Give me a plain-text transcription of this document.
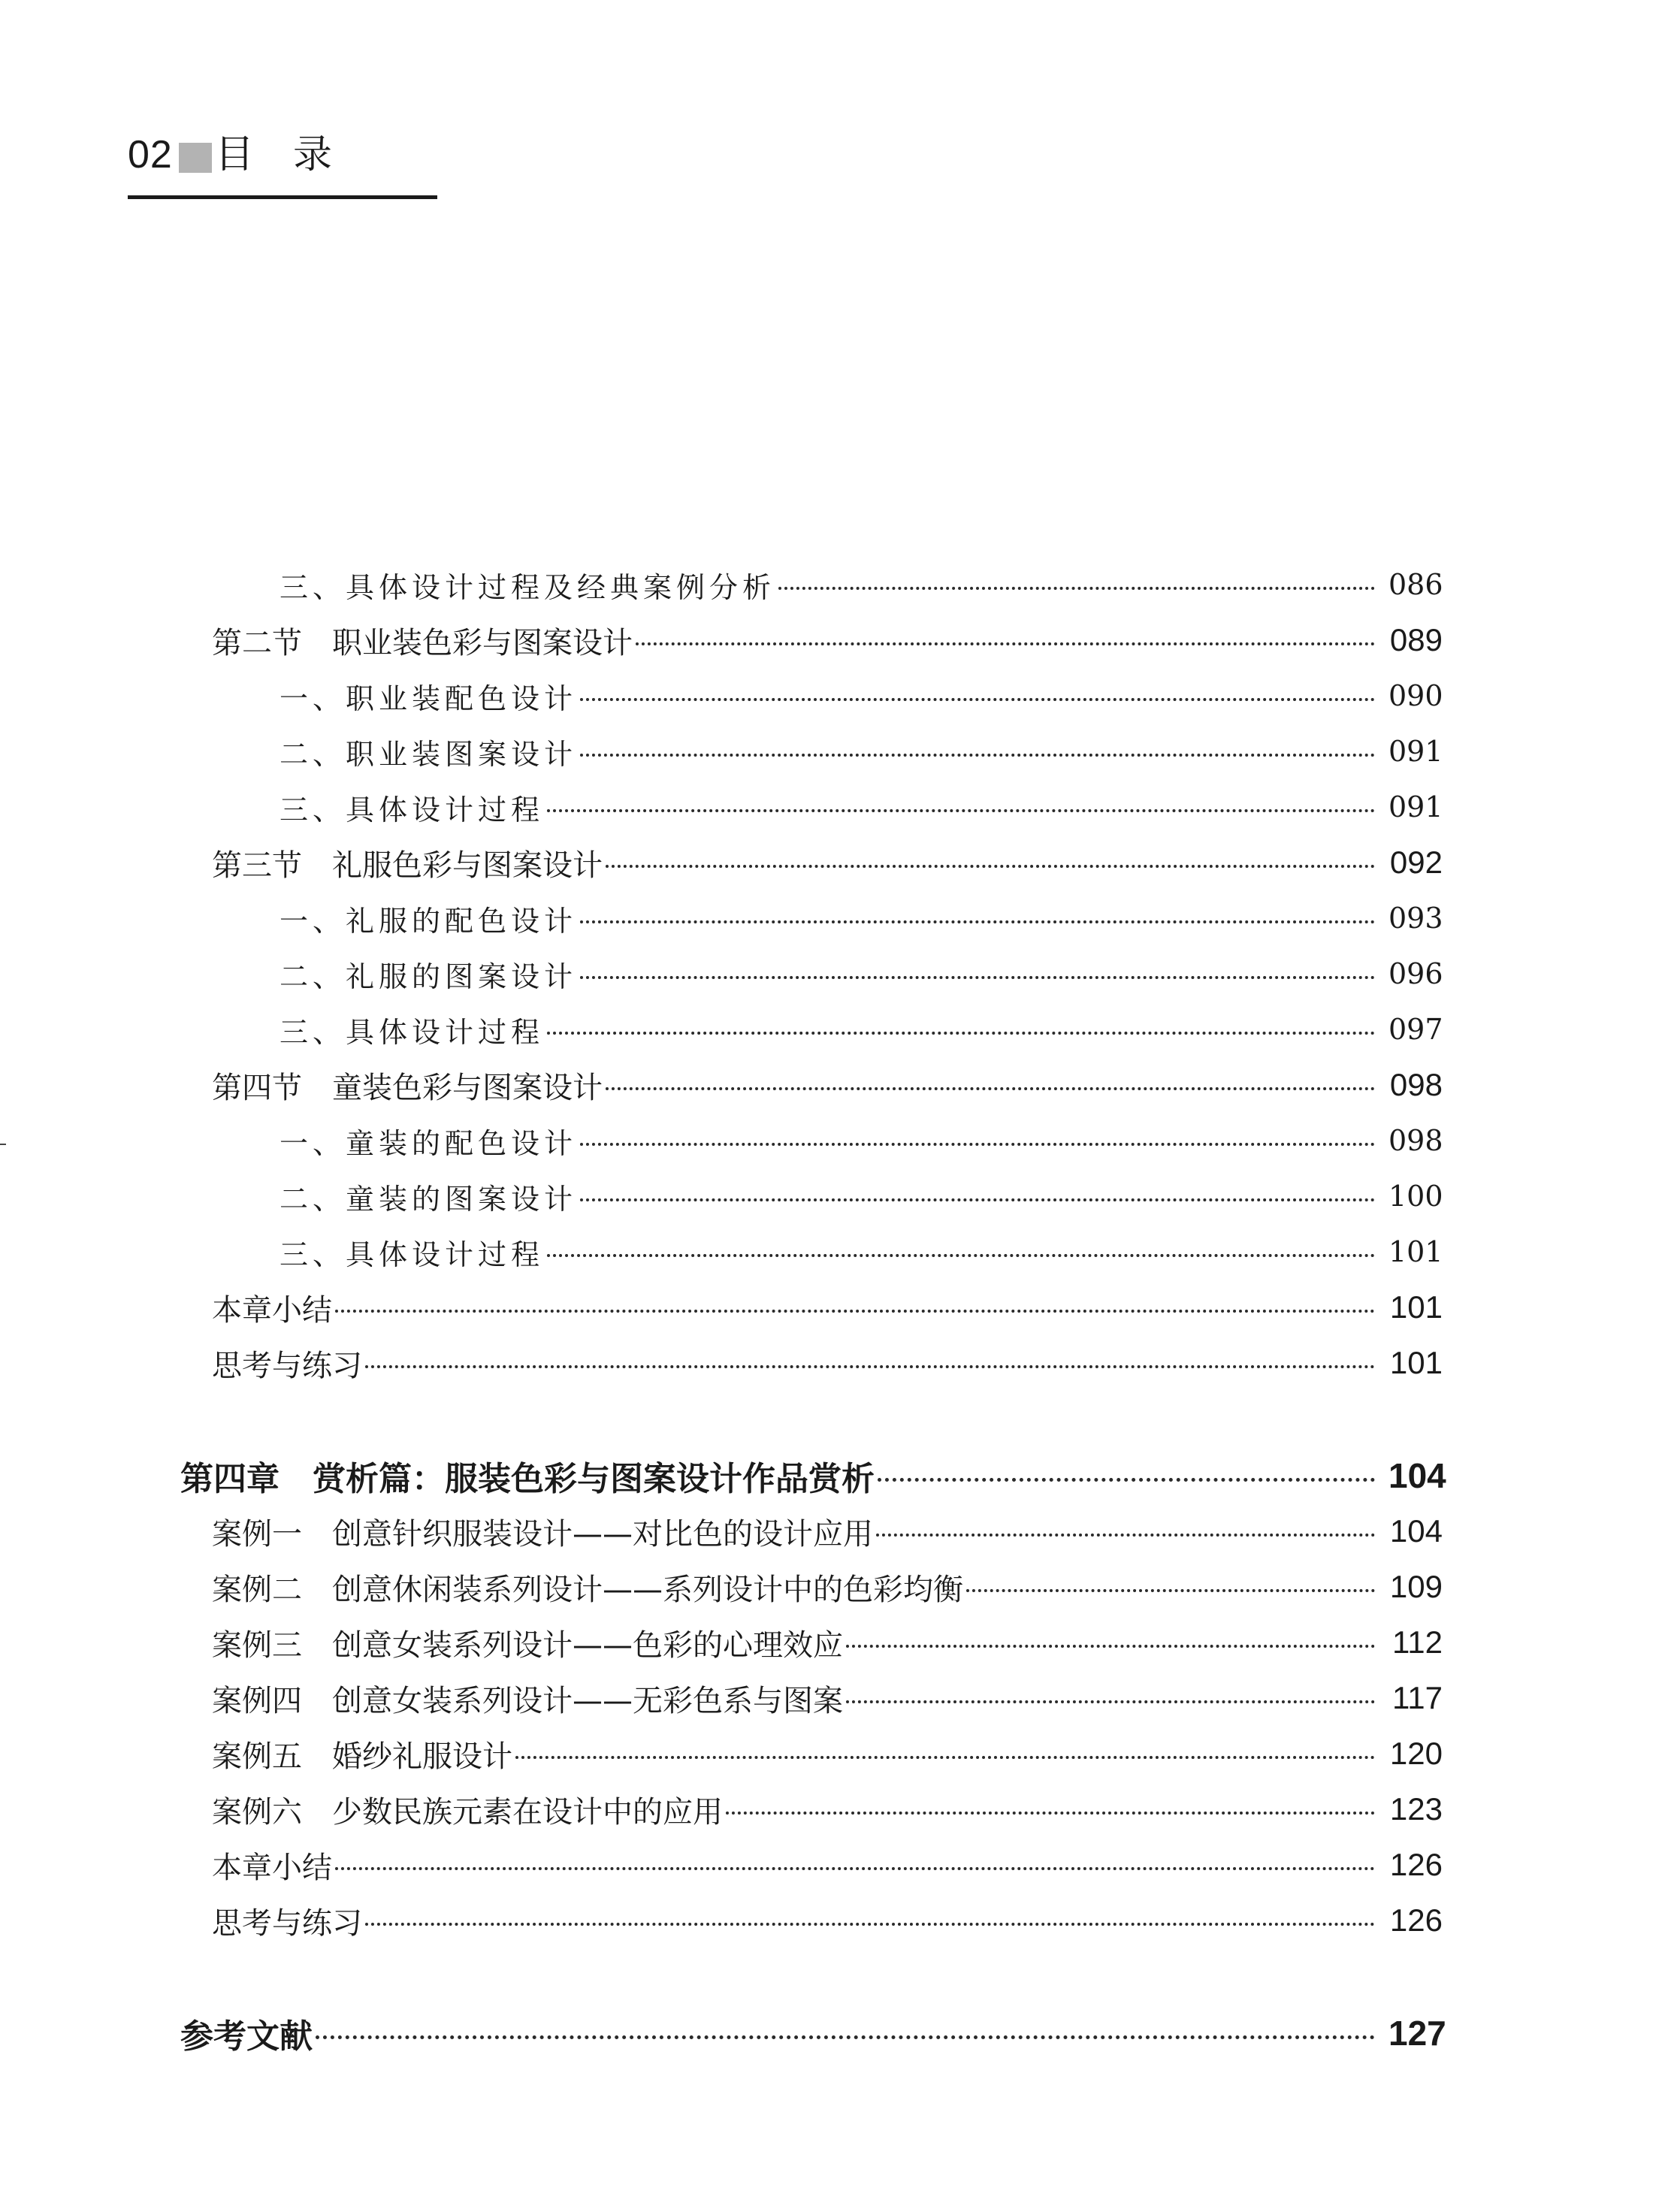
02 目录
三、具体设计过程及经典案例分析	086
第二节　职业装色彩与图案设计	089
一、职业装配色设计	090
二、职业装图案设计	091
三、具体设计过程	091
第三节　礼服色彩与图案设计	092
一、礼服的配色设计	093
二、礼服的图案设计	096
三、具体设计过程	097
第四节　童装色彩与图案设计	098
一、童装的配色设计	098
二、童装的图案设计	100
三、具体设计过程	101
本章小结	101
思考与练习	101
第四章　赏析篇：服装色彩与图案设计作品赏析	104
案例一　创意针织服装设计——对比色的设计应用	104
案例二　创意休闲装系列设计——系列设计中的色彩均衡	109
案例三　创意女装系列设计——色彩的心理效应	112
案例四　创意女装系列设计——无彩色系与图案	117
案例五　婚纱礼服设计	120
案例六　少数民族元素在设计中的应用	123
本章小结	126
思考与练习	126
参考文献	127
